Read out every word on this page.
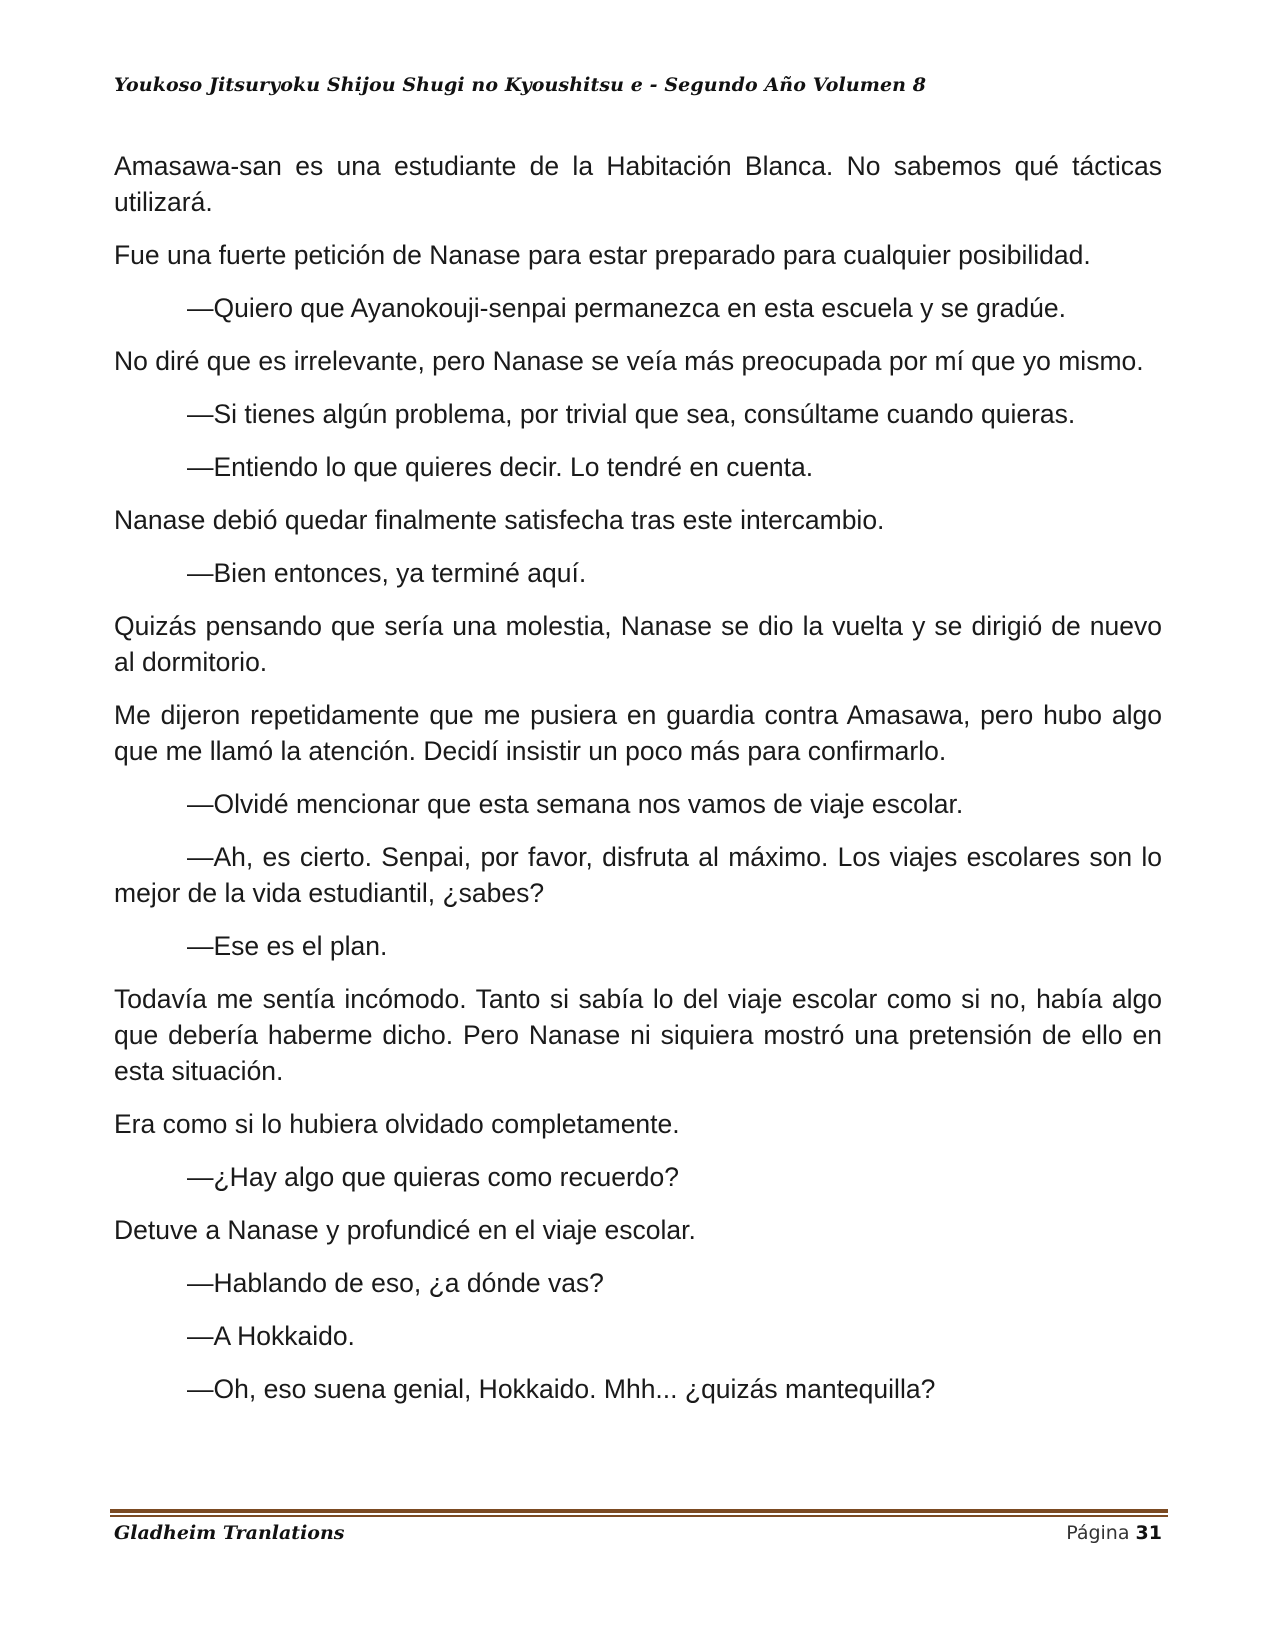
Youkoso Jitsuryoku Shijou Shugi no Kyoushitsu e - Segundo Año Volumen 8

Amasawa-san es una estudiante de la Habitación Blanca. No sabemos qué tácticas utilizará.

Fue una fuerte petición de Nanase para estar preparado para cualquier posibilidad.

—Quiero que Ayanokouji-senpai permanezca en esta escuela y se gradúe.

No diré que es irrelevante, pero Nanase se veía más preocupada por mí que yo mismo.

—Si tienes algún problema, por trivial que sea, consúltame cuando quieras.

—Entiendo lo que quieres decir. Lo tendré en cuenta.

Nanase debió quedar finalmente satisfecha tras este intercambio.

—Bien entonces, ya terminé aquí.

Quizás pensando que sería una molestia, Nanase se dio la vuelta y se dirigió de nuevo al dormitorio.

Me dijeron repetidamente que me pusiera en guardia contra Amasawa, pero hubo algo que me llamó la atención. Decidí insistir un poco más para confirmarlo.

—Olvidé mencionar que esta semana nos vamos de viaje escolar.

—Ah, es cierto. Senpai, por favor, disfruta al máximo. Los viajes escolares son lo mejor de la vida estudiantil, ¿sabes?

—Ese es el plan.

Todavía me sentía incómodo. Tanto si sabía lo del viaje escolar como si no, había algo que debería haberme dicho. Pero Nanase ni siquiera mostró una pretensión de ello en esta situación.

Era como si lo hubiera olvidado completamente.

—¿Hay algo que quieras como recuerdo?

Detuve a Nanase y profundicé en el viaje escolar.

—Hablando de eso, ¿a dónde vas?

—A Hokkaido.

—Oh, eso suena genial, Hokkaido. Mhh... ¿quizás mantequilla?

Gladheim Tranlations	Página 31
